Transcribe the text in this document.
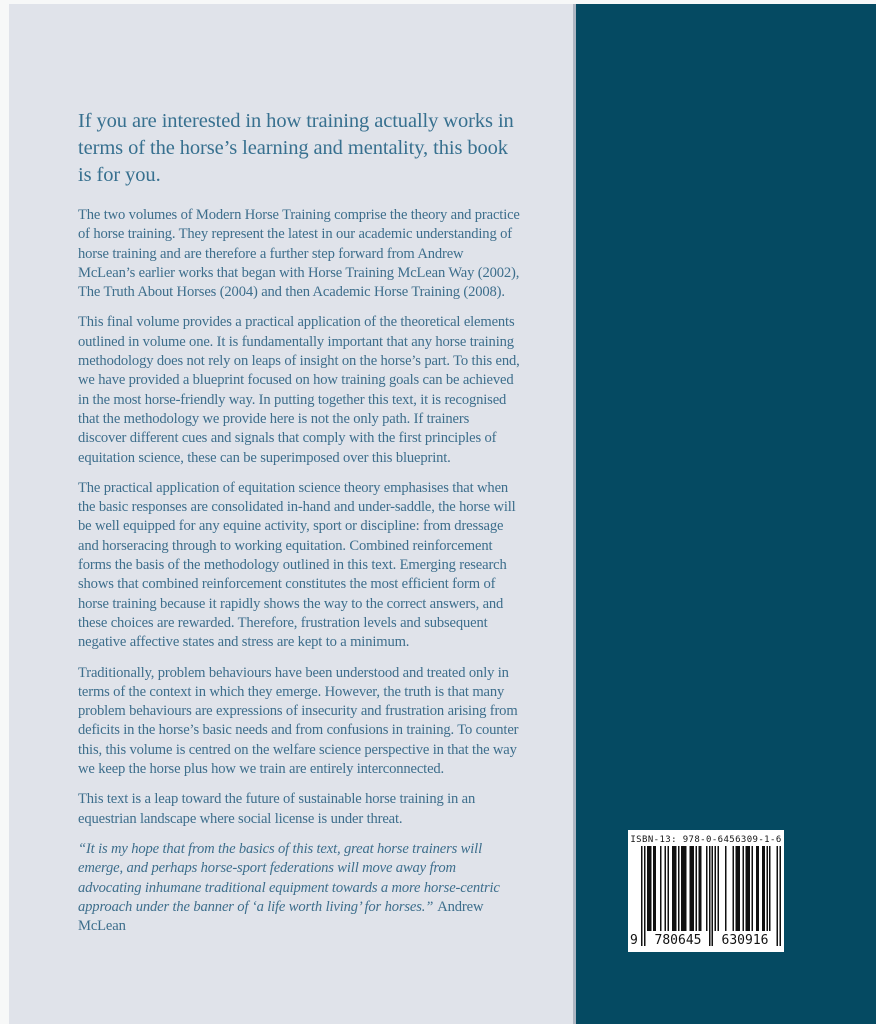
If you are interested in how training actually works in terms of the horse’s learning and mentality, this book is for you.

The two volumes of Modern Horse Training comprise the theory and practice of horse training. They represent the latest in our academic understanding of horse training and are therefore a further step forward from Andrew McLean’s earlier works that began with Horse Training McLean Way (2002), The Truth About Horses (2004) and then Academic Horse Training (2008).

This final volume provides a practical application of the theoretical elements outlined in volume one. It is fundamentally important that any horse training methodology does not rely on leaps of insight on the horse’s part. To this end, we have provided a blueprint focused on how training goals can be achieved in the most horse-friendly way. In putting together this text, it is recognised that the methodology we provide here is not the only path. If trainers discover different cues and signals that comply with the first principles of equitation science, these can be superimposed over this blueprint.

The practical application of equitation science theory emphasises that when the basic responses are consolidated in-hand and under-saddle, the horse will be well equipped for any equine activity, sport or discipline: from dressage and horseracing through to working equitation. Combined reinforcement forms the basis of the methodology outlined in this text. Emerging research shows that combined reinforcement constitutes the most efficient form of horse training because it rapidly shows the way to the correct answers, and these choices are rewarded. Therefore, frustration levels and subsequent negative affective states and stress are kept to a minimum.

Traditionally, problem behaviours have been understood and treated only in terms of the context in which they emerge. However, the truth is that many problem behaviours are expressions of insecurity and frustration arising from deficits in the horse’s basic needs and from confusions in training. To counter this, this volume is centred on the welfare science perspective in that the way we keep the horse plus how we train are entirely interconnected.

This text is a leap toward the future of sustainable horse training in an equestrian landscape where social license is under threat.

“It is my hope that from the basics of this text, great horse trainers will emerge, and perhaps horse-sport federations will move away from advocating inhumane traditional equipment towards a more horse-centric approach under the banner of ‘a life worth living’ for horses.” Andrew McLean

ISBN-13: 978-0-6456309-1-6
9	780645	630916
